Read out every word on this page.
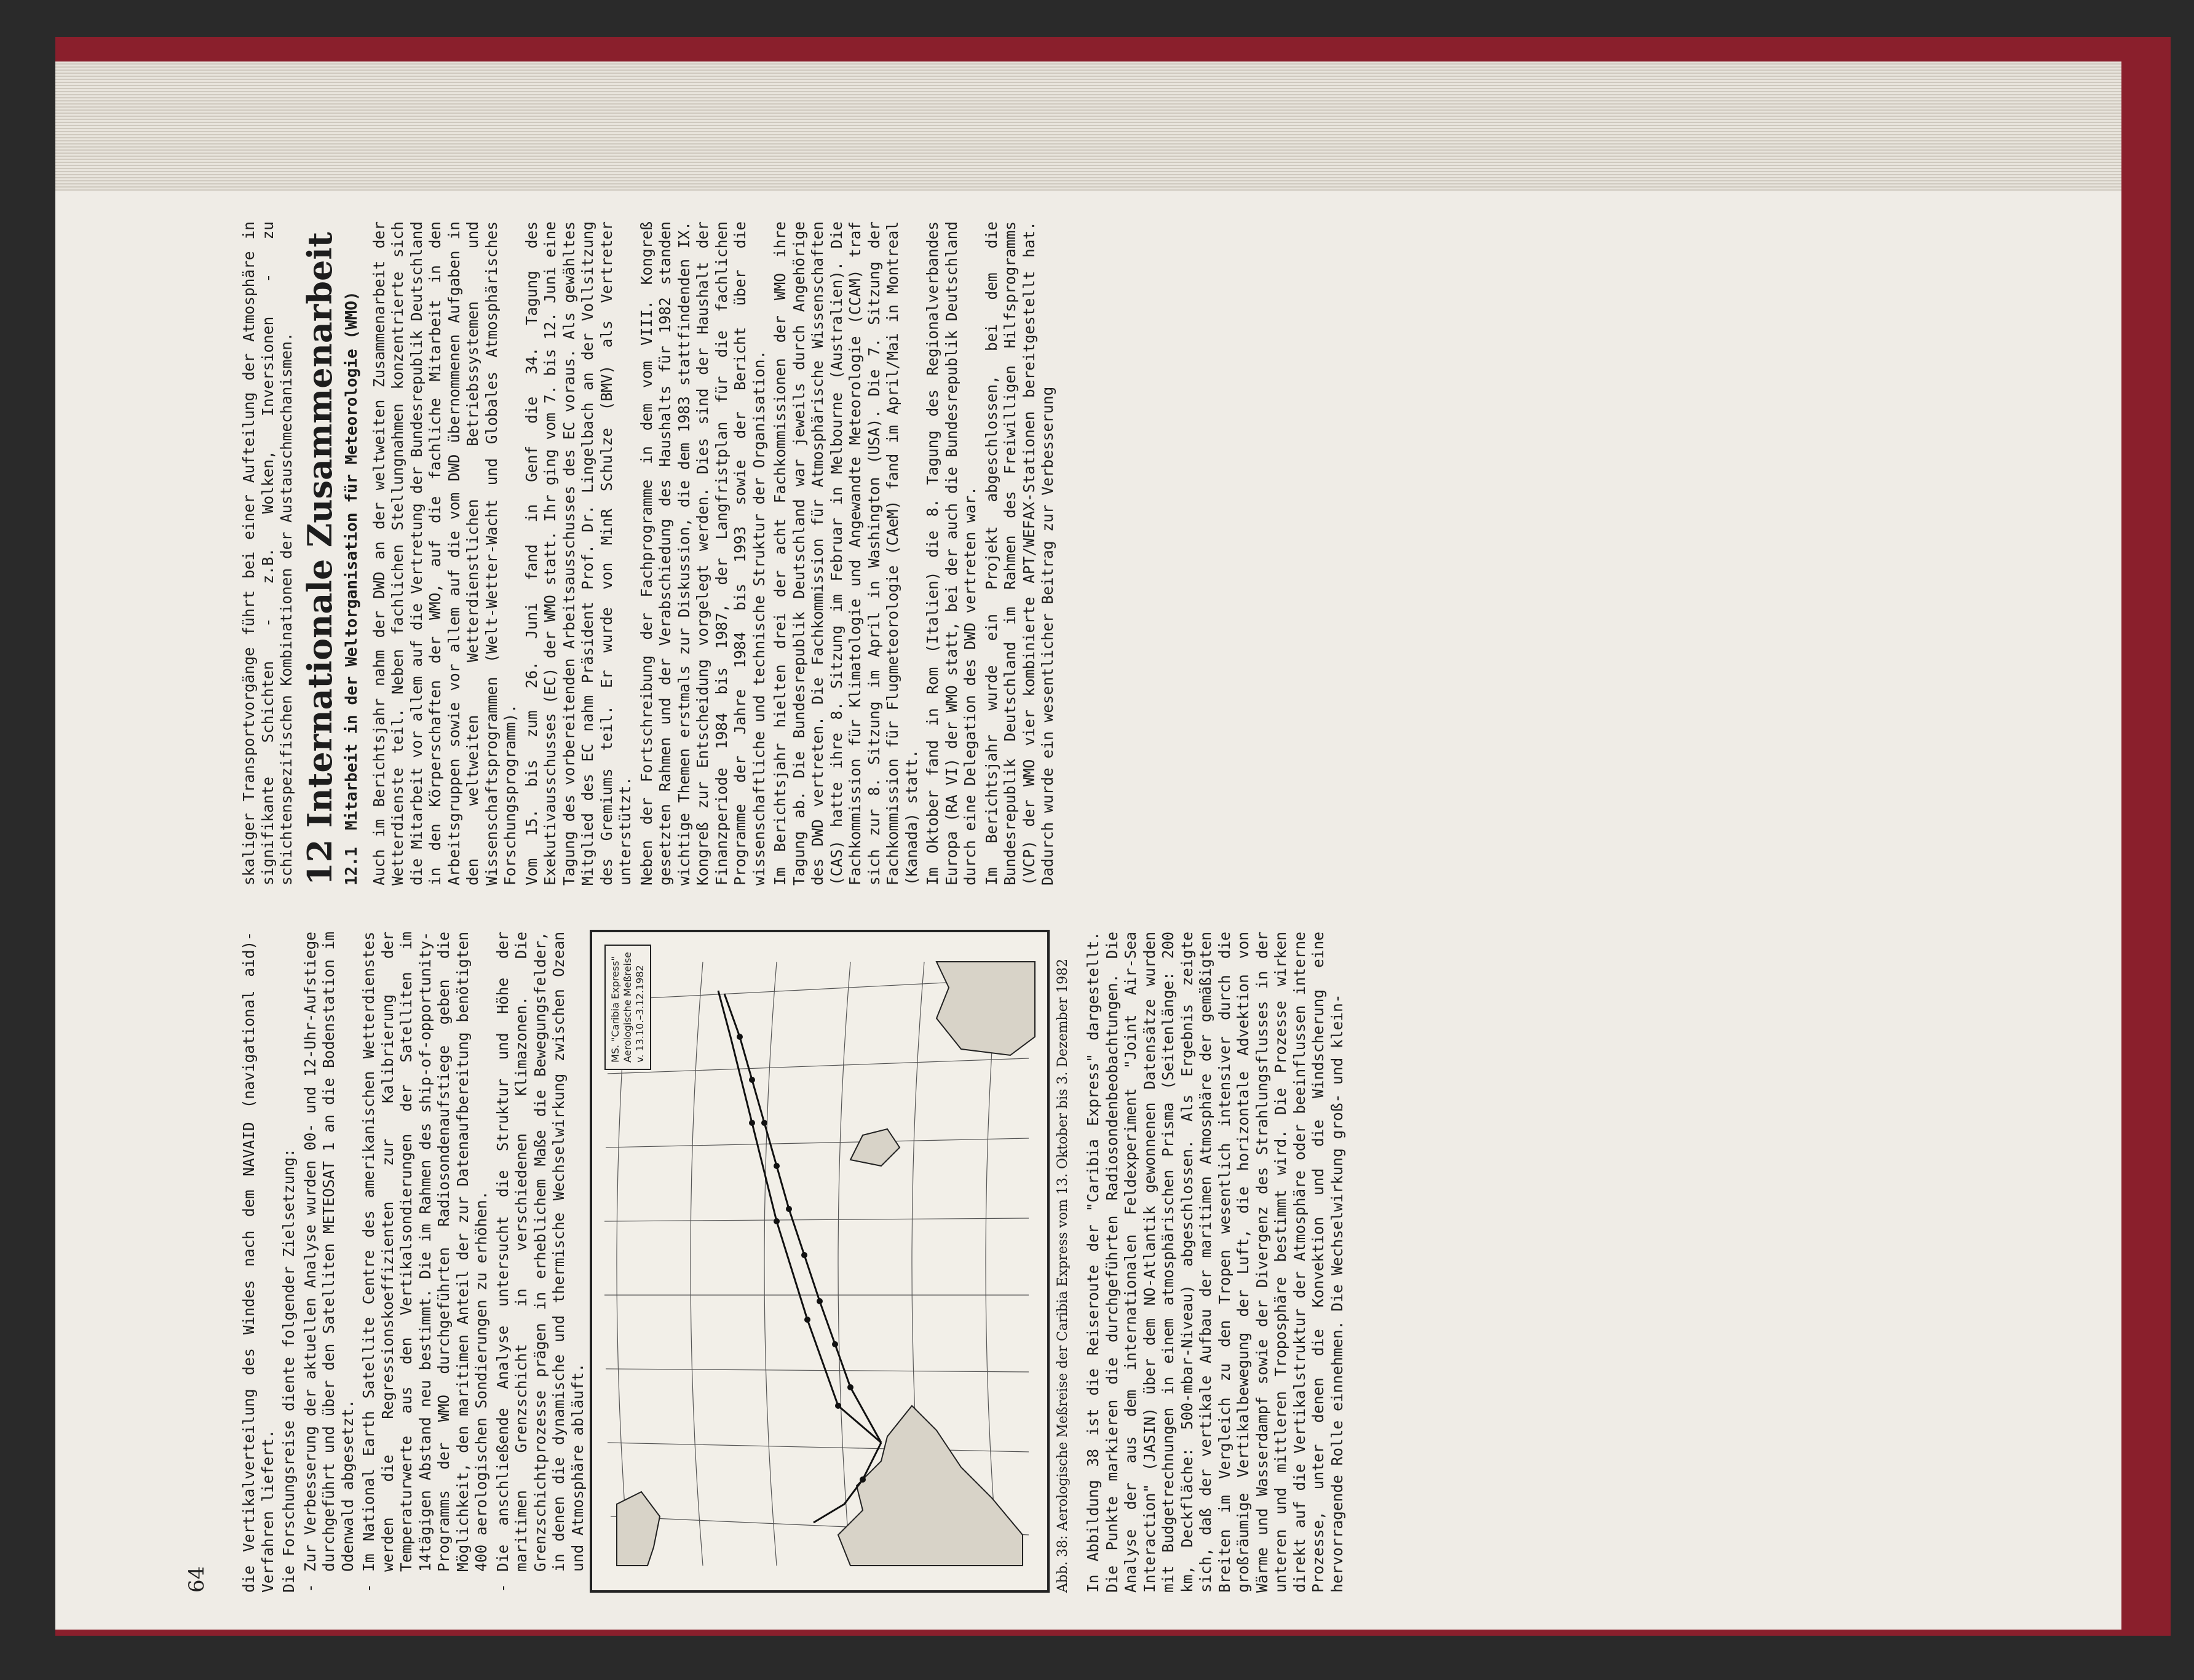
64 die Vertikalverteilung des Windes nach dem NAVAID (navigational aid)-Verfahren liefert. Die Forschungsreise diente folgender Zielsetzung: - Zur Verbesserung der aktuellen Analyse wurden 00- und 12-Uhr-Aufstiege durchgeführt und über den Satelliten METEOSAT 1 an die Bodenstation im Odenwald abgesetzt. - Im National Earth Satellite Centre des amerikanischen Wetterdienstes werden die Regressionskoeffizienten zur Kalibrierung der Temperaturwerte aus den Vertikalsondierungen der Satelliten im 14tägigen Abstand neu bestimmt. Die im Rahmen des ship-of-opportunity-Programms der WMO durchgeführten Radiosondenaufstiege geben die Möglichkeit, den maritimen Anteil der zur Datenaufbereitung benötigten 400 aerologischen Sondierungen zu erhöhen. - Die anschließende Analyse untersucht die Struktur und Höhe der maritimen Grenzschicht in verschiedenen Klimazonen. Die Grenzschichtprozesse prägen in erheblichem Maße die Bewegungsfelder, in denen die dynamische und thermische Wechselwirkung zwischen Ozean und Atmosphäre abläuft.

MS. "Caribia Express" Aerologische Meßreise v. 13.10.–3.12.1982	Abb. 38: Aerologische Meßreise der Caribia Express vom 13. Oktober bis 3. Dezember 1982 In Abbildung 38 ist die Reiseroute der "Caribia Express" dargestellt. Die Punkte markieren die durchgeführten Radiosondenbeobachtungen. Die Analyse der aus dem internationalen Feldexperiment "Joint Air-Sea Interaction" (JASIN) über dem NO-Atlantik gewonnenen Datensätze wurden mit Budgetrechnungen in einem atmosphärischen Prisma (Seitenlänge: 200 km, Deckfläche: 500-mbar-Niveau) abgeschlossen. Als Ergebnis zeigte sich, daß der vertikale Aufbau der maritimen Atmosphäre der gemäßigten Breiten im Vergleich zu den Tropen wesentlich intensiver durch die großräumige Vertikalbewegung der Luft, die horizontale Advektion von Wärme und Wasserdampf sowie der Divergenz des Strahlungsflusses in der unteren und mittleren Troposphäre bestimmt wird. Die Prozesse wirken direkt auf die Vertikalstruktur der Atmosphäre oder beeinflussen interne Prozesse, unter denen die Konvektion und die Windscherung eine hervorragende Rolle einnehmen. Die Wechselwirkung groß- und klein-

skaliger Transportvorgänge führt bei einer Aufteilung der Atmosphäre in signifikante Schichten - z.B. Wolken, Inversionen - zu schichtenspezifischen Kombinationen der Austauschmechanismen. 12 Internationale Zusammenarbeit
12.1
Mitarbeit in der Weltorganisation für Meteorologie (WMO) Auch im Berichtsjahr nahm der DWD an der weltweiten Zusammenarbeit der Wetterdienste teil. Neben fachlichen Stellungnahmen konzentrierte sich die Mitarbeit vor allem auf die Vertretung der Bundesrepublik Deutschland in den Körperschaften der WMO, auf die fachliche Mitarbeit in den Arbeitsgruppen sowie vor allem auf die vom DWD übernommenen Aufgaben in den weltweiten Wetterdienstlichen Betriebssystemen und Wissenschaftsprogrammen (Welt-Wetter-Wacht und Globales Atmosphärisches Forschungsprogramm). Vom 15. bis zum 26. Juni fand in Genf die 34. Tagung des Exekutivausschusses (EC) der WMO statt. Ihr ging vom 7. bis 12. Juni eine Tagung des vorbereitenden Arbeitsausschusses des EC voraus. Als gewähltes Mitglied des EC nahm Präsident Prof. Dr. Lingelbach an der Vollsitzung des Gremiums teil. Er wurde von MinR Schulze (BMV) als Vertreter unterstützt. Neben der Fortschreibung der Fachprogramme in dem vom VIII. Kongreß gesetzten Rahmen und der Verabschiedung des Haushalts für 1982 standen wichtige Themen erstmals zur Diskussion, die dem 1983 stattfindenden IX. Kongreß zur Entscheidung vorgelegt werden. Dies sind der Haushalt der Finanzperiode 1984 bis 1987, der Langfristplan für die fachlichen Programme der Jahre 1984 bis 1993 sowie der Bericht über die wissenschaftliche und technische Struktur der Organisation. Im Berichtsjahr hielten drei der acht Fachkommissionen der WMO ihre Tagung ab. Die Bundesrepublik Deutschland war jeweils durch Angehörige des DWD vertreten. Die Fachkommission für Atmosphärische Wissenschaften (CAS) hatte ihre 8. Sitzung im Februar in Melbourne (Australien). Die Fachkommission für Klimatologie und Angewandte Meteorologie (CCAM) traf sich zur 8. Sitzung im April in Washington (USA). Die 7. Sitzung der Fachkommission für Flugmeteorologie (CAeM) fand im April/Mai in Montreal (Kanada) statt. Im Oktober fand in Rom (Italien) die 8. Tagung des Regionalverbandes Europa (RA VI) der WMO statt, bei der auch die Bundesrepublik Deutschland durch eine Delegation des DWD vertreten war. Im Berichtsjahr wurde ein Projekt abgeschlossen, bei dem die Bundesrepublik Deutschland im Rahmen des Freiwilligen Hilfsprogramms (VCP) der WMO vier kombinierte APT/WEFAX-Stationen bereitgestellt hat. Dadurch wurde ein wesentlicher Beitrag zur Verbesserung
